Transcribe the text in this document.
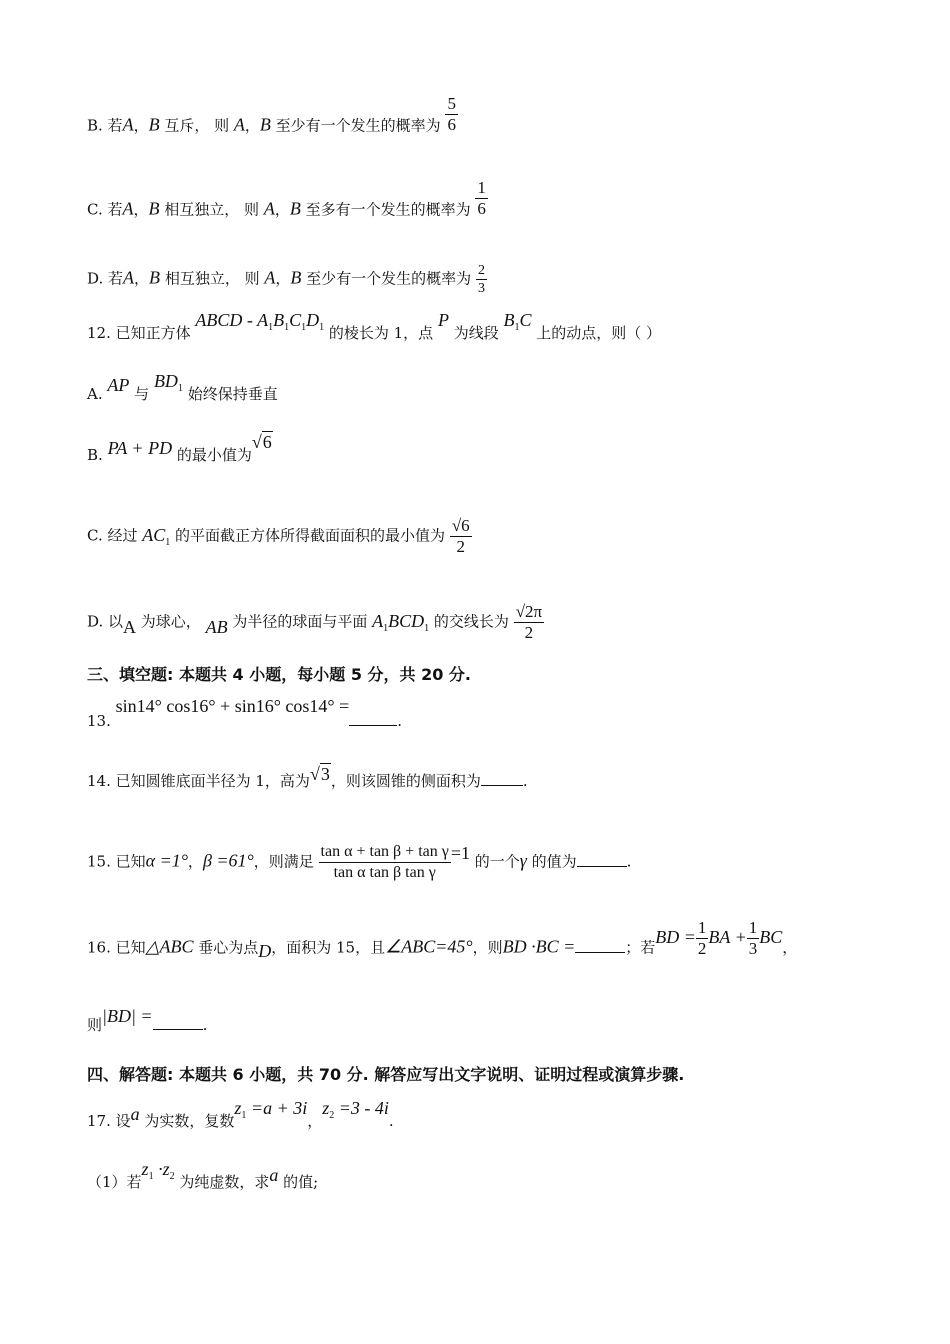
B. 若A，B 互斥， 则 A，B 至少有一个发生的概率为 $\frac{5}{6}$
C. 若A，B 相互独立， 则 A，B 至多有一个发生的概率为 $\frac{1}{6}$
D. 若A，B 相互独立， 则 A，B 至少有一个发生的概率为 $\frac{2}{3}$
12. 已知正方体 ABCD - $A_1B_1C_1D_1$ 的棱长为 1，点 P 为线段 $B_1C$ 上的动点，则（ ）
A. AP 与 $BD_1$ 始终保持垂直
B. PA + PD 的最小值为√6
C. 经过 $AC_1$ 的平面截正方体所得截面面积的最小值为 $\frac{√6}{2}$
D. 以A 为球心， AB 为半径的球面与平面 $A_1BCD_1$ 的交线长为 $\frac{√2\pi}{2}$
三、填空题: 本题共 4 小题，每小题 5 分，共 20 分.
13. sin14° cos16° + sin16° cos14° =.
14. 已知圆锥底面半径为 1，高为√3，则该圆锥的侧面积为	.
15. 已知α =1°，β =61°，则满足 $\frac{\text{tan α + tan β + tan γ}}{\text{tan α tan β tan γ}} =1$ 的一个γ 的值为	.
16. 已知△ABC 垂心为点D，面积为 15，且∠ABC=45°，则BD ·BC =	；若BD = $\frac{1}{2}$ BA + $\frac{1}{3}$ BC，
则|BD| =	.
四、解答题: 本题共 6 小题，共 70 分. 解答应写出文字说明、证明过程或演算步骤.
17. 设a 为实数，复数$z_1 =a + 3i$，$z_2 =3 - 4i$.
（1）若$z_1 \cdot z_2$ 为纯虚数，求a 的值;
